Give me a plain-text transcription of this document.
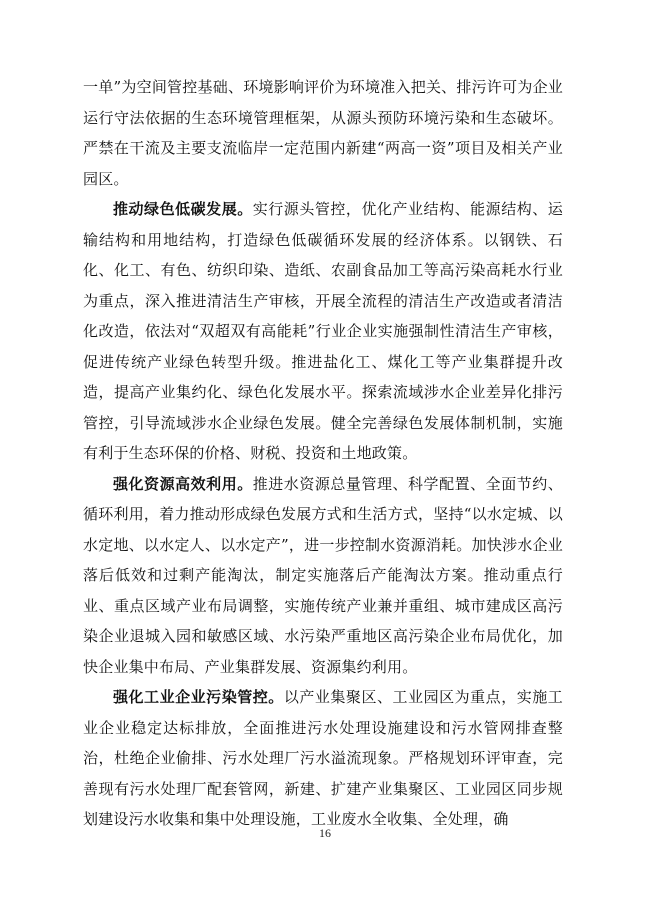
一单”为空间管控基础、环境影响评价为环境准入把关、排污许可为企业运行守法依据的生态环境管理框架，从源头预防环境污染和生态破坏。严禁在干流及主要支流临岸一定范围内新建“两高一资”项目及相关产业园区。

推动绿色低碳发展。实行源头管控，优化产业结构、能源结构、运输结构和用地结构，打造绿色低碳循环发展的经济体系。以钢铁、石化、化工、有色、纺织印染、造纸、农副食品加工等高污染高耗水行业为重点，深入推进清洁生产审核，开展全流程的清洁生产改造或者清洁化改造，依法对“双超双有高能耗”行业企业实施强制性清洁生产审核，促进传统产业绿色转型升级。推进盐化工、煤化工等产业集群提升改造，提高产业集约化、绿色化发展水平。探索流域涉水企业差异化排污管控，引导流域涉水企业绿色发展。健全完善绿色发展体制机制，实施有利于生态环保的价格、财税、投资和土地政策。

强化资源高效利用。推进水资源总量管理、科学配置、全面节约、循环利用，着力推动形成绿色发展方式和生活方式，坚持“以水定城、以水定地、以水定人、以水定产”，进一步控制水资源消耗。加快涉水企业落后低效和过剩产能淘汰，制定实施落后产能淘汰方案。推动重点行业、重点区域产业布局调整，实施传统产业兼并重组、城市建成区高污染企业退城入园和敏感区域、水污染严重地区高污染企业布局优化，加快企业集中布局、产业集群发展、资源集约利用。

强化工业企业污染管控。以产业集聚区、工业园区为重点，实施工业企业稳定达标排放，全面推进污水处理设施建设和污水管网排查整治，杜绝企业偷排、污水处理厂污水溢流现象。严格规划环评审查，完善现有污水处理厂配套管网，新建、扩建产业集聚区、工业园区同步规划建设污水收集和集中处理设施，工业废水全收集、全处理，确

16
